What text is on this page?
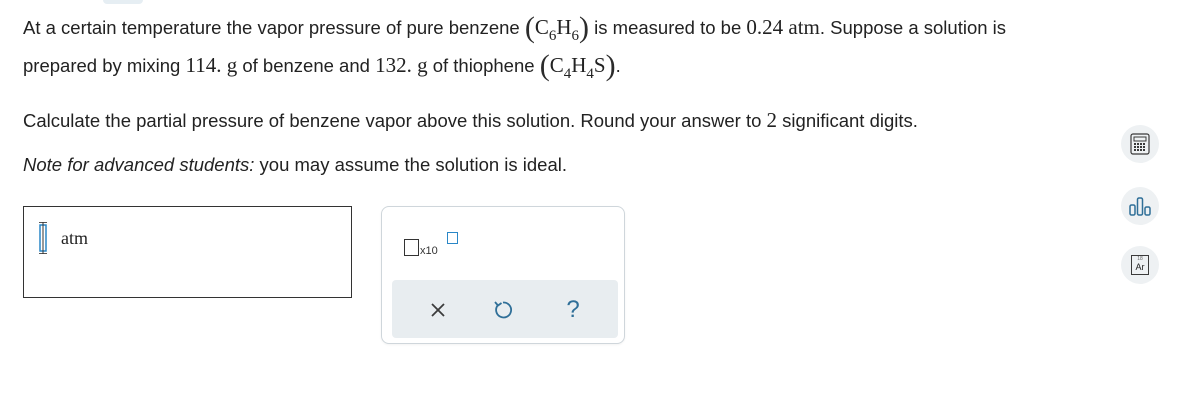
At a certain temperature the vapor pressure of pure benzene $(C_6H_6)$ is measured to be 0.24 atm. Suppose a solution is
prepared by mixing 114. g of benzene and 132. g of thiophene $(C_4H_4S)$.
Calculate the partial pressure of benzene vapor above this solution. Round your answer to 2 significant digits.
Note for advanced students: you may assume the solution is ideal.
atm
x10
?
18
Ar
